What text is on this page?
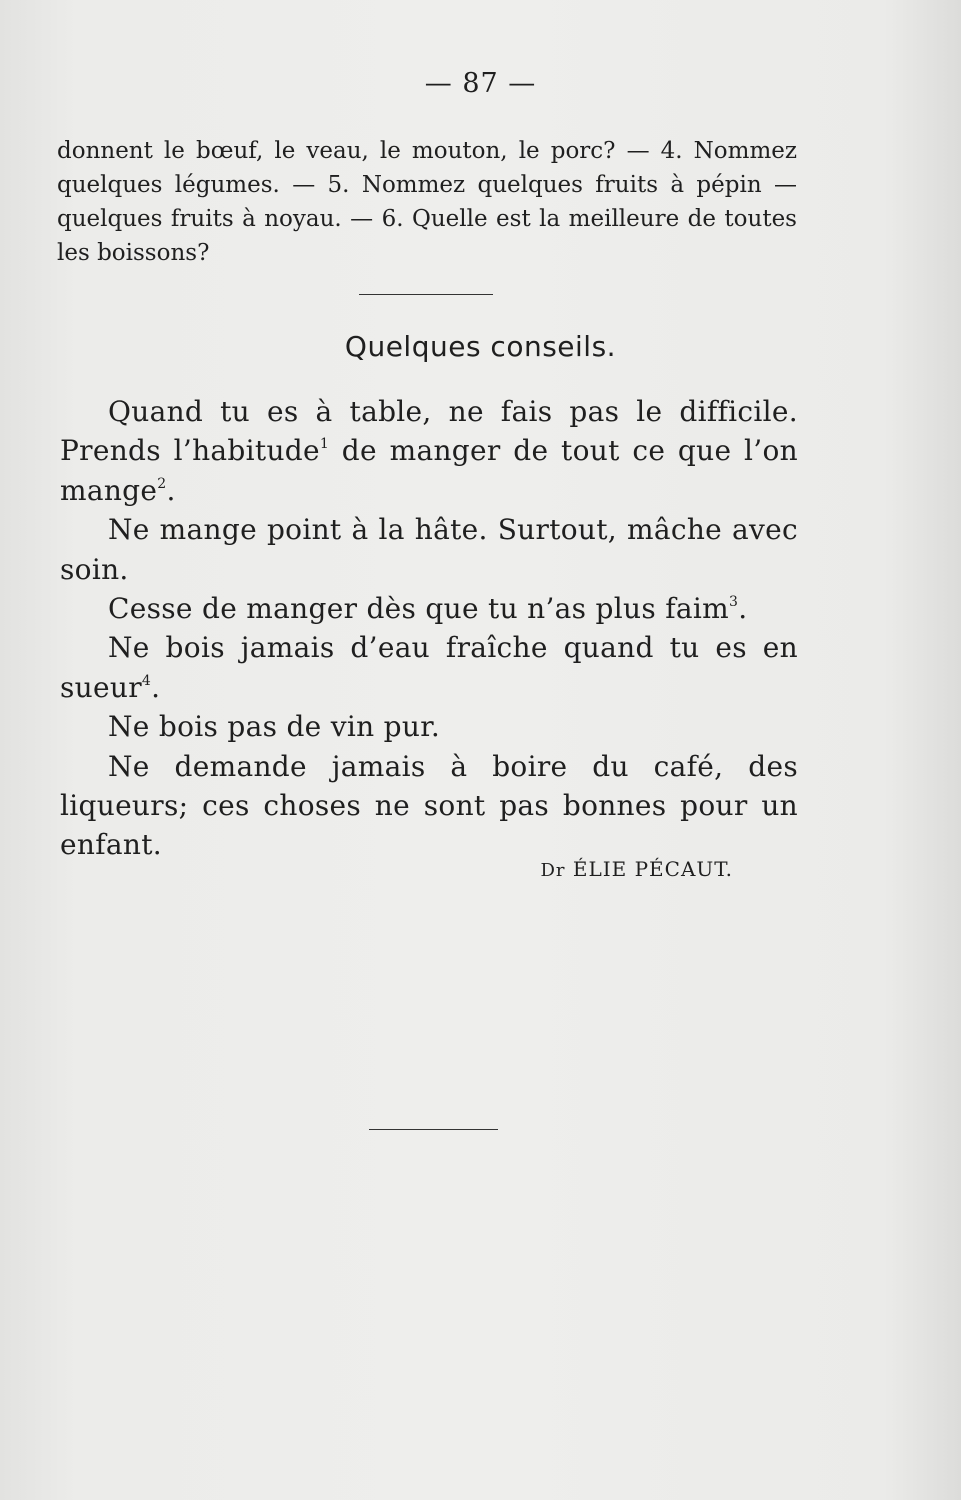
— 87 —

donnent le bœuf, le veau, le mouton, le porc? — 4. Nommez quelques légumes. — 5. Nommez quelques fruits à pépin — quelques fruits à noyau. — 6. Quelle est la meilleure de toutes les boissons?

Quelques conseils.

Quand tu es à table, ne fais pas le difficile. Prends l’habitude$^1$ de manger de tout ce que l’on mange$^2$.

Ne mange point à la hâte. Surtout, mâche avec soin.

Cesse de manger dès que tu n’as plus faim$^3$.

Ne bois jamais d’eau fraîche quand tu es en sueur$^4$.

Ne bois pas de vin pur.

Ne demande jamais à boire du café, des liqueurs; ces choses ne sont pas bonnes pour un enfant.

Dr ÉLIE PÉCAUT.
